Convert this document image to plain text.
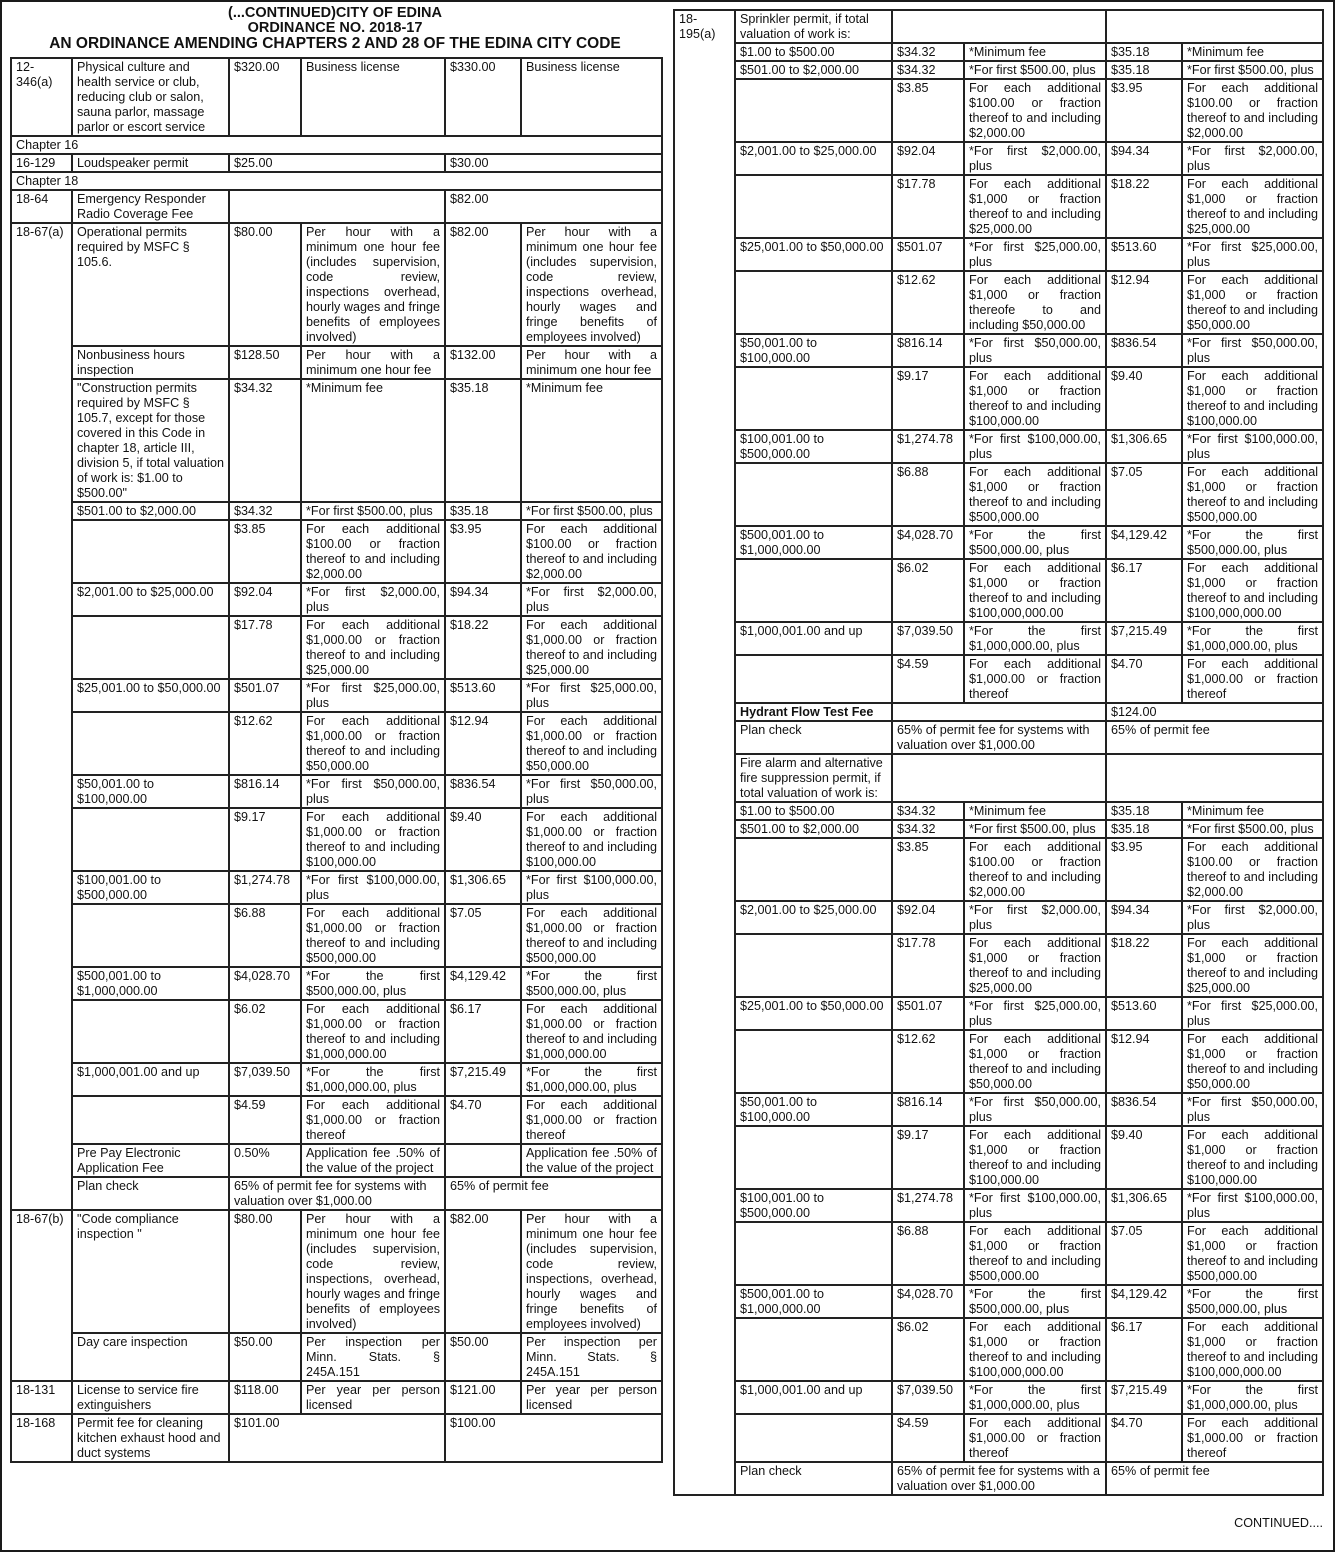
(...CONTINUED)CITY OF EDINA
ORDINANCE NO. 2018-17
AN ORDINANCE AMENDING CHAPTERS 2 AND 28 OF THE EDINA CITY CODE
12-346(a)	Physical culture and health service or club, reducing club or salon, sauna parlor, massage parlor or escort service	$320.00	Business license	$330.00	Business license
Chapter 16					
16-129	Loudspeaker permit	$25.00		$30.00	
Chapter 18					
18-64	Emergency Responder Radio Coverage Fee			$82.00	
18-67(a)	Operational permits required by MSFC § 105.6.	$80.00	Per hour with a minimum one hour fee (includes supervision, code review, inspections overhead, hourly wages and fringe benefits of employees involved)	$82.00	Per hour with a minimum one hour fee (includes supervision, code review, inspections overhead, hourly wages and fringe benefits of employees involved)
	Nonbusiness hours inspection	$128.50	Per hour with a minimum one hour fee	$132.00	Per hour with a minimum one hour fee
	"Construction permits required by MSFC § 105.7, except for those covered in this Code in chapter 18, article III, division 5, if total valuation of work is: $1.00 to $500.00"	$34.32	*Minimum fee	$35.18	*Minimum fee
	$501.00 to $2,000.00	$34.32	*For first $500.00, plus	$35.18	*For first $500.00, plus
		$3.85	For each additional $100.00 or fraction thereof to and including $2,000.00	$3.95	For each additional $100.00 or fraction thereof to and including $2,000.00
	$2,001.00 to $25,000.00	$92.04	*For first $2,000.00, plus	$94.34	*For first $2,000.00, plus
		$17.78	For each additional $1,000.00 or fraction thereof to and including $25,000.00	$18.22	For each additional $1,000.00 or fraction thereof to and including $25,000.00
	$25,001.00 to $50,000.00	$501.07	*For first $25,000.00, plus	$513.60	*For first $25,000.00, plus
		$12.62	For each additional $1,000.00 or fraction thereof to and including $50,000.00	$12.94	For each additional $1,000.00 or fraction thereof to and including $50,000.00
	$50,001.00 to $100,000.00	$816.14	*For first $50,000.00, plus	$836.54	*For first $50,000.00, plus
		$9.17	For each additional $1,000.00 or fraction thereof to and including $100,000.00	$9.40	For each additional $1,000.00 or fraction thereof to and including $100,000.00
	$100,001.00 to $500,000.00	$1,274.78	*For first $100,000.00, plus	$1,306.65	*For first $100,000.00, plus
		$6.88	For each additional $1,000.00 or fraction thereof to and including $500,000.00	$7.05	For each additional $1,000.00 or fraction thereof to and including $500,000.00
	$500,001.00 to $1,000,000.00	$4,028.70	*For the first $500,000.00, plus	$4,129.42	*For the first $500,000.00, plus
		$6.02	For each additional $1,000.00 or fraction thereof to and including $1,000,000.00	$6.17	For each additional $1,000.00 or fraction thereof to and including $1,000,000.00
	$1,000,001.00 and up	$7,039.50	*For the first $1,000,000.00, plus	$7,215.49	*For the first $1,000,000.00, plus
		$4.59	For each additional $1,000.00 or fraction thereof	$4.70	For each additional $1,000.00 or fraction thereof
	Pre Pay Electronic Application Fee	0.50%	Application fee .50% of the value of the project		Application fee .50% of the value of the project
	Plan check	65% of permit fee for systems with valuation over $1,000.00		65% of permit fee	
18-67(b)	"Code compliance inspection "	$80.00	Per hour with a minimum one hour fee (includes supervision, code review, inspections, overhead, hourly wages and fringe benefits of employees involved)	$82.00	Per hour with a minimum one hour fee (includes supervision, code review, inspections, overhead, hourly wages and fringe benefits of employees involved)
	Day care inspection	$50.00	Per inspection per Minn. Stats. § 245A.151	$50.00	Per inspection per Minn. Stats. § 245A.151
18-131	License to service fire extinguishers	$118.00	Per year per person licensed	$121.00	Per year per person licensed
18-168	Permit fee for cleaning kitchen exhaust hood and duct systems	$101.00		$100.00	
18-195(a)	Sprinkler permit, if total valuation of work is:				
	$1.00 to $500.00	$34.32	*Minimum fee	$35.18	*Minimum fee
	$501.00 to $2,000.00	$34.32	*For first $500.00, plus	$35.18	*For first $500.00, plus
		$3.85	For each additional $100.00 or fraction thereof to and including $2,000.00	$3.95	For each additional $100.00 or fraction thereof to and including $2,000.00
	$2,001.00 to $25,000.00	$92.04	*For first $2,000.00, plus	$94.34	*For first $2,000.00, plus
		$17.78	For each additional $1,000 or fraction thereof to and including $25,000.00	$18.22	For each additional $1,000 or fraction thereof to and including $25,000.00
	$25,001.00 to $50,000.00	$501.07	*For first $25,000.00, plus	$513.60	*For first $25,000.00, plus
		$12.62	For each additional $1,000 or fraction thereofe to and including $50,000.00	$12.94	For each additional $1,000 or fraction thereof to and including $50,000.00
	$50,001.00 to $100,000.00	$816.14	*For first $50,000.00, plus	$836.54	*For first $50,000.00, plus
		$9.17	For each additional $1,000 or fraction thereof to and including $100,000.00	$9.40	For each additional $1,000 or fraction thereof to and including $100,000.00
	$100,001.00 to $500,000.00	$1,274.78	*For first $100,000.00, plus	$1,306.65	*For first $100,000.00, plus
		$6.88	For each additional $1,000 or fraction thereof to and including $500,000.00	$7.05	For each additional $1,000 or fraction thereof to and including $500,000.00
	$500,001.00 to $1,000,000.00	$4,028.70	*For the first $500,000.00, plus	$4,129.42	*For the first $500,000.00, plus
		$6.02	For each additional $1,000 or fraction thereof to and including $100,000,000.00	$6.17	For each additional $1,000 or fraction thereof to and including $100,000,000.00
	$1,000,001.00 and up	$7,039.50	*For the first $1,000,000.00, plus	$7,215.49	*For the first $1,000,000.00, plus
		$4.59	For each additional $1,000.00 or fraction thereof	$4.70	For each additional $1,000.00 or fraction thereof
	Hydrant Flow Test Fee			$124.00	
	Plan check	65% of permit fee for systems with valuation over $1,000.00		65% of permit fee	
	Fire alarm and alternative fire suppression permit, if total valuation of work is:				
	$1.00 to $500.00	$34.32	*Minimum fee	$35.18	*Minimum fee
	$501.00 to $2,000.00	$34.32	*For first $500.00, plus	$35.18	*For first $500.00, plus
		$3.85	For each additional $100.00 or fraction thereof to and including $2,000.00	$3.95	For each additional $100.00 or fraction thereof to and including $2,000.00
	$2,001.00 to $25,000.00	$92.04	*For first $2,000.00, plus	$94.34	*For first $2,000.00, plus
		$17.78	For each additional $1,000 or fraction thereof to and including $25,000.00	$18.22	For each additional $1,000 or fraction thereof to and including $25,000.00
	$25,001.00 to $50,000.00	$501.07	*For first $25,000.00, plus	$513.60	*For first $25,000.00, plus
		$12.62	For each additional $1,000 or fraction thereof to and including $50,000.00	$12.94	For each additional $1,000 or fraction thereof to and including $50,000.00
	$50,001.00 to $100,000.00	$816.14	*For first $50,000.00, plus	$836.54	*For first $50,000.00, plus
		$9.17	For each additional $1,000 or fraction thereof to and including $100,000.00	$9.40	For each additional $1,000 or fraction thereof to and including $100,000.00
	$100,001.00 to $500,000.00	$1,274.78	*For first $100,000.00, plus	$1,306.65	*For first $100,000.00, plus
		$6.88	For each additional $1,000 or fraction thereof to and including $500,000.00	$7.05	For each additional $1,000 or fraction thereof to and including $500,000.00
	$500,001.00 to $1,000,000.00	$4,028.70	*For the first $500,000.00, plus	$4,129.42	*For the first $500,000.00, plus
		$6.02	For each additional $1,000 or fraction thereof to and including $100,000,000.00	$6.17	For each additional $1,000 or fraction thereof to and including $100,000,000.00
	$1,000,001.00 and up	$7,039.50	*For the first $1,000,000.00, plus	$7,215.49	*For the first $1,000,000.00, plus
		$4.59	For each additional $1,000.00 or fraction thereof	$4.70	For each additional $1,000.00 or fraction thereof
	Plan check	65% of permit fee for systems with a valuation over $1,000.00		65% of permit fee	
CONTINUED....
